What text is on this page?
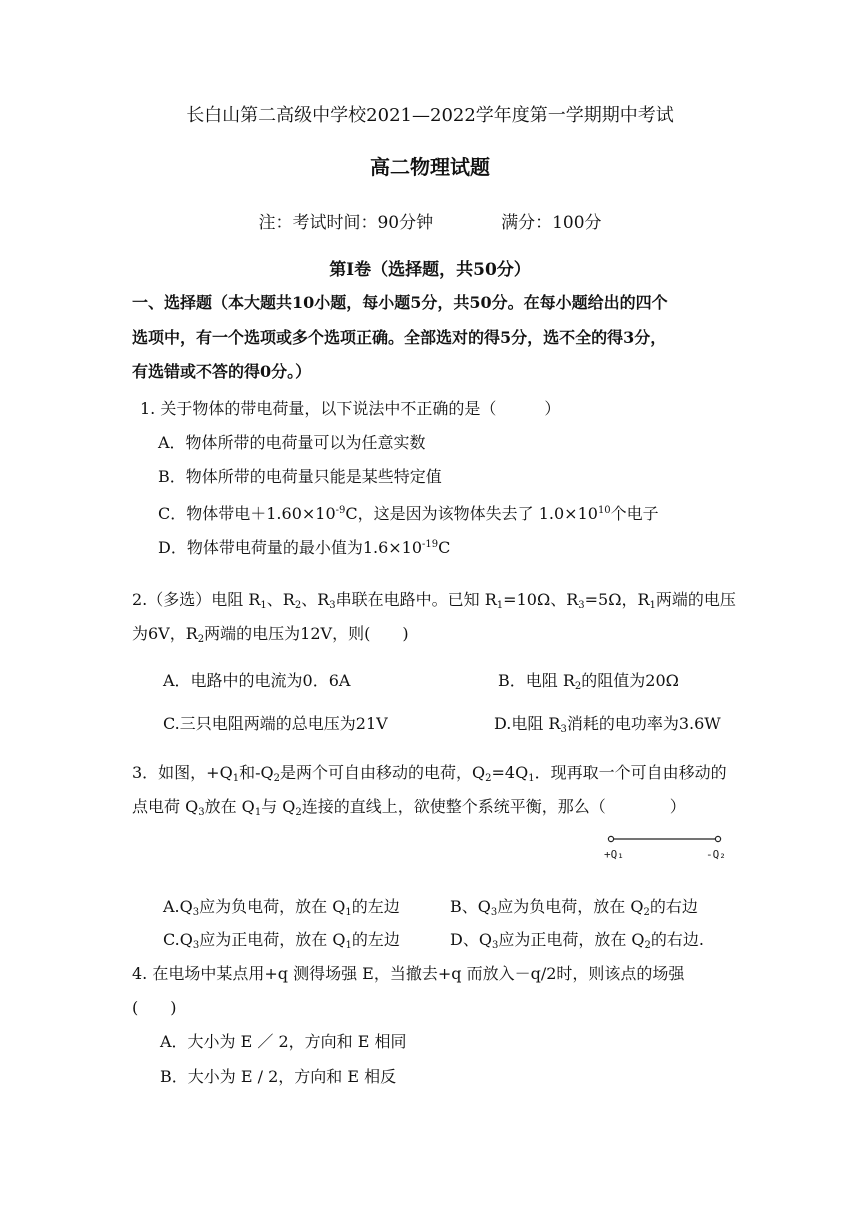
长白山第二高级中学校2021—2022学年度第一学期期中考试
高二物理试题
注：考试时间：90分钟	满分：100分
第Ⅰ卷（选择题，共50分）
一、选择题（本大题共10小题，每小题5分，共50分。在每小题给出的四个
选项中，有一个选项或多个选项正确。全部选对的得5分，选不全的得3分，
有选错或不答的得0分。）
1. 关于物体的带电荷量，以下说法中不正确的是（　　　）
A．物体所带的电荷量可以为任意实数
B．物体所带的电荷量只能是某些特定值
C．物体带电$+1.60\times 10^{-9}C$，这是因为该物体失去了 $1.0\times 10^{10}$个电子
D．物体带电荷量的最小值为$1.6\times 10^{-19}C$
2.（多选）电阻 $R_1$、$R_2$、$R_3$串联在电路中。已知 $R_1=10\Omega$、$R_3=5\Omega$，$R_1$两端的电压
为6V，$R_2$两端的电压为12V，则(　　)
A．电路中的电流为0．6A	B．电阻 $R_2$的阻值为20Ω
C.三只电阻两端的总电压为21V	D.电阻 $R_3$消耗的电功率为3.6W
3．如图，$+Q_1$和$-Q_2$是两个可自由移动的电荷，$Q_2=4Q_1$．现再取一个可自由移动的
点电荷 $Q_3$放在 $Q_1$与 $Q_2$连接的直线上，欲使整个系统平衡，那么（　　　　）
+Q₁	-Q₂
$A.Q_3$应为负电荷，放在 $Q_1$的左边	B、$Q_3$应为负电荷，放在 $Q_2$的右边
$C.Q_3$应为正电荷，放在 $Q_1$的左边	D、$Q_3$应为正电荷，放在 $Q_2$的右边.
4. 在电场中某点用+q 测得场强 E，当撤去+q 而放入－q/2时，则该点的场强
(　　)
A．大小为 E ／ 2，方向和 E 相同
B．大小为 E / 2，方向和 E 相反
